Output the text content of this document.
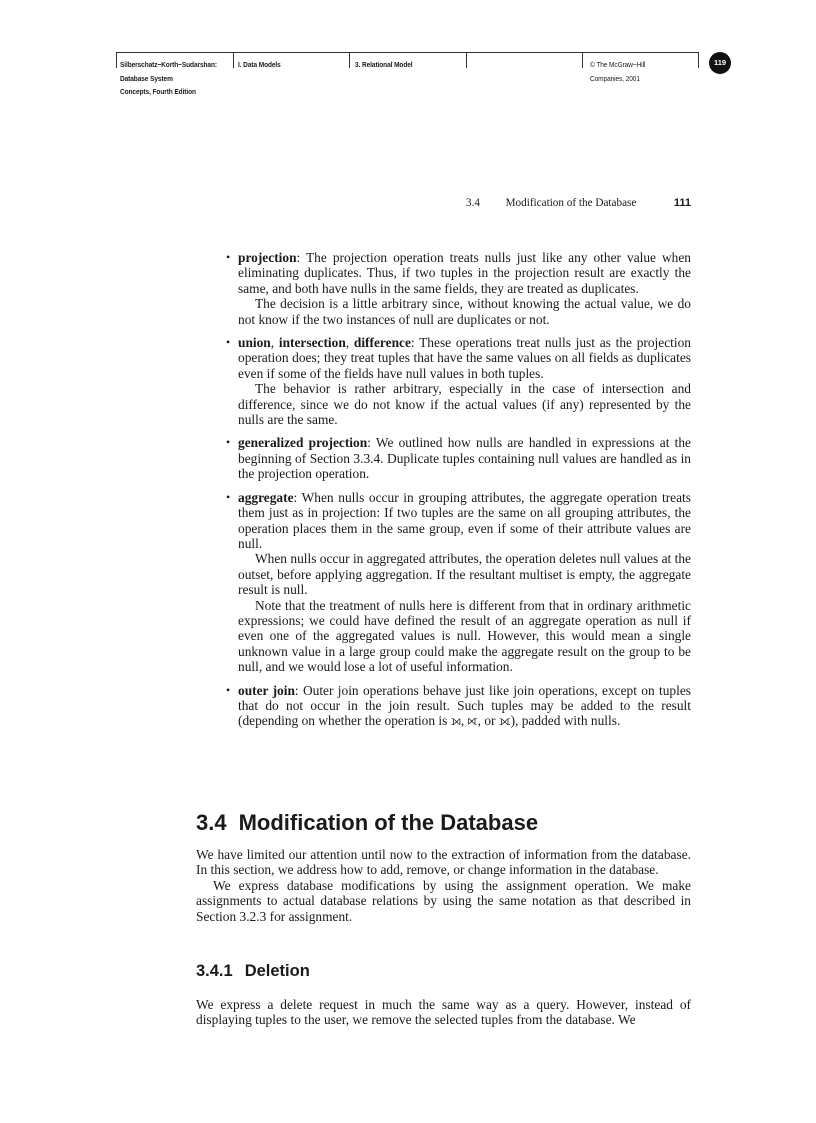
Silberschatz−Korth−Sudarshan:
Database System
Concepts, Fourth Edition
I. Data Models	3. Relational Model	© The McGraw−Hill
Companies, 2001
119
3.4 Modification of the Database	111
• projection: The projection operation treats nulls just like any other value when eliminating duplicates. Thus, if two tuples in the projection result are exactly the same, and both have nulls in the same fields, they are treated as duplicates.

The decision is a little arbitrary since, without knowing the actual value, we do not know if the two instances of null are duplicates or not.

• union, intersection, difference: These operations treat nulls just as the projection operation does; they treat tuples that have the same values on all fields as duplicates even if some of the fields have null values in both tuples.

The behavior is rather arbitrary, especially in the case of intersection and difference, since we do not know if the actual values (if any) represented by the nulls are the same.

• generalized projection: We outlined how nulls are handled in expressions at the beginning of Section 3.3.4. Duplicate tuples containing null values are handled as in the projection operation.

• aggregate: When nulls occur in grouping attributes, the aggregate operation treats them just as in projection: If two tuples are the same on all grouping attributes, the operation places them in the same group, even if some of their attribute values are null.

When nulls occur in aggregated attributes, the operation deletes null values at the outset, before applying aggregation. If the resultant multiset is empty, the aggregate result is null.

Note that the treatment of nulls here is different from that in ordinary arithmetic expressions; we could have defined the result of an aggregate operation as null if even one of the aggregated values is null. However, this would mean a single unknown value in a large group could make the aggregate result on the group to be null, and we would lose a lot of useful information.

• outer join: Outer join operations behave just like join operations, except on tuples that do not occur in the join result. Such tuples may be added to the result (depending on whether the operation is ⟕, ⟖, or ⟗), padded with nulls.

3.4 Modification of the Database

We have limited our attention until now to the extraction of information from the database. In this section, we address how to add, remove, or change information in the database.

We express database modifications by using the assignment operation. We make assignments to actual database relations by using the same notation as that described in Section 3.2.3 for assignment.

3.4.1 Deletion

We express a delete request in much the same way as a query. However, instead of displaying tuples to the user, we remove the selected tuples from the database. We
